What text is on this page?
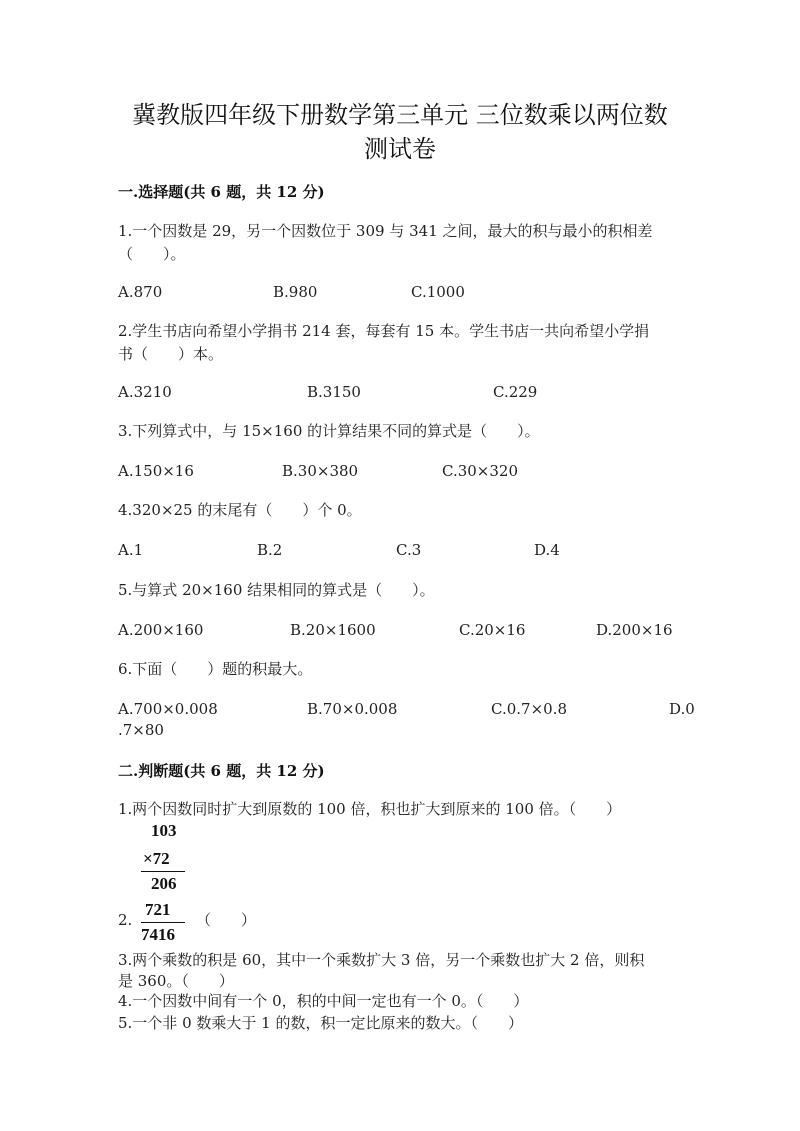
冀教版四年级下册数学第三单元 三位数乘以两位数
测试卷
一.选择题(共 6 题，共 12 分)
1.一个因数是 29，另一个因数位于 309 与 341 之间，最大的积与最小的积相差
（　　）。
A.870	B.980	C.1000
2.学生书店向希望小学捐书 214 套，每套有 15 本。学生书店一共向希望小学捐
书（　　）本。
A.3210	B.3150	C.229
3.下列算式中，与 15×160 的计算结果不同的算式是（　　）。
A.150×16	B.30×380	C.30×320
4.320×25 的末尾有（　　）个 0。
A.1	B.2	C.3	D.4
5.与算式 20×160 结果相同的算式是（　　）。
A.200×160	B.20×1600	C.20×16	D.200×16
6.下面（　　）题的积最大。
A.700×0.008	B.70×0.008	C.0.7×0.8	D.0
.7×80
二.判断题(共 6 题，共 12 分)
1.两个因数同时扩大到原数的 100 倍，积也扩大到原来的 100 倍。（　　）
103
×72
206
721
7416
2.	（　　）
3.两个乘数的积是 60，其中一个乘数扩大 3 倍，另一个乘数也扩大 2 倍，则积
是 360。（　　）
4.一个因数中间有一个 0，积的中间一定也有一个 0。（　　）
5.一个非 0 数乘大于 1 的数，积一定比原来的数大。（　　）
